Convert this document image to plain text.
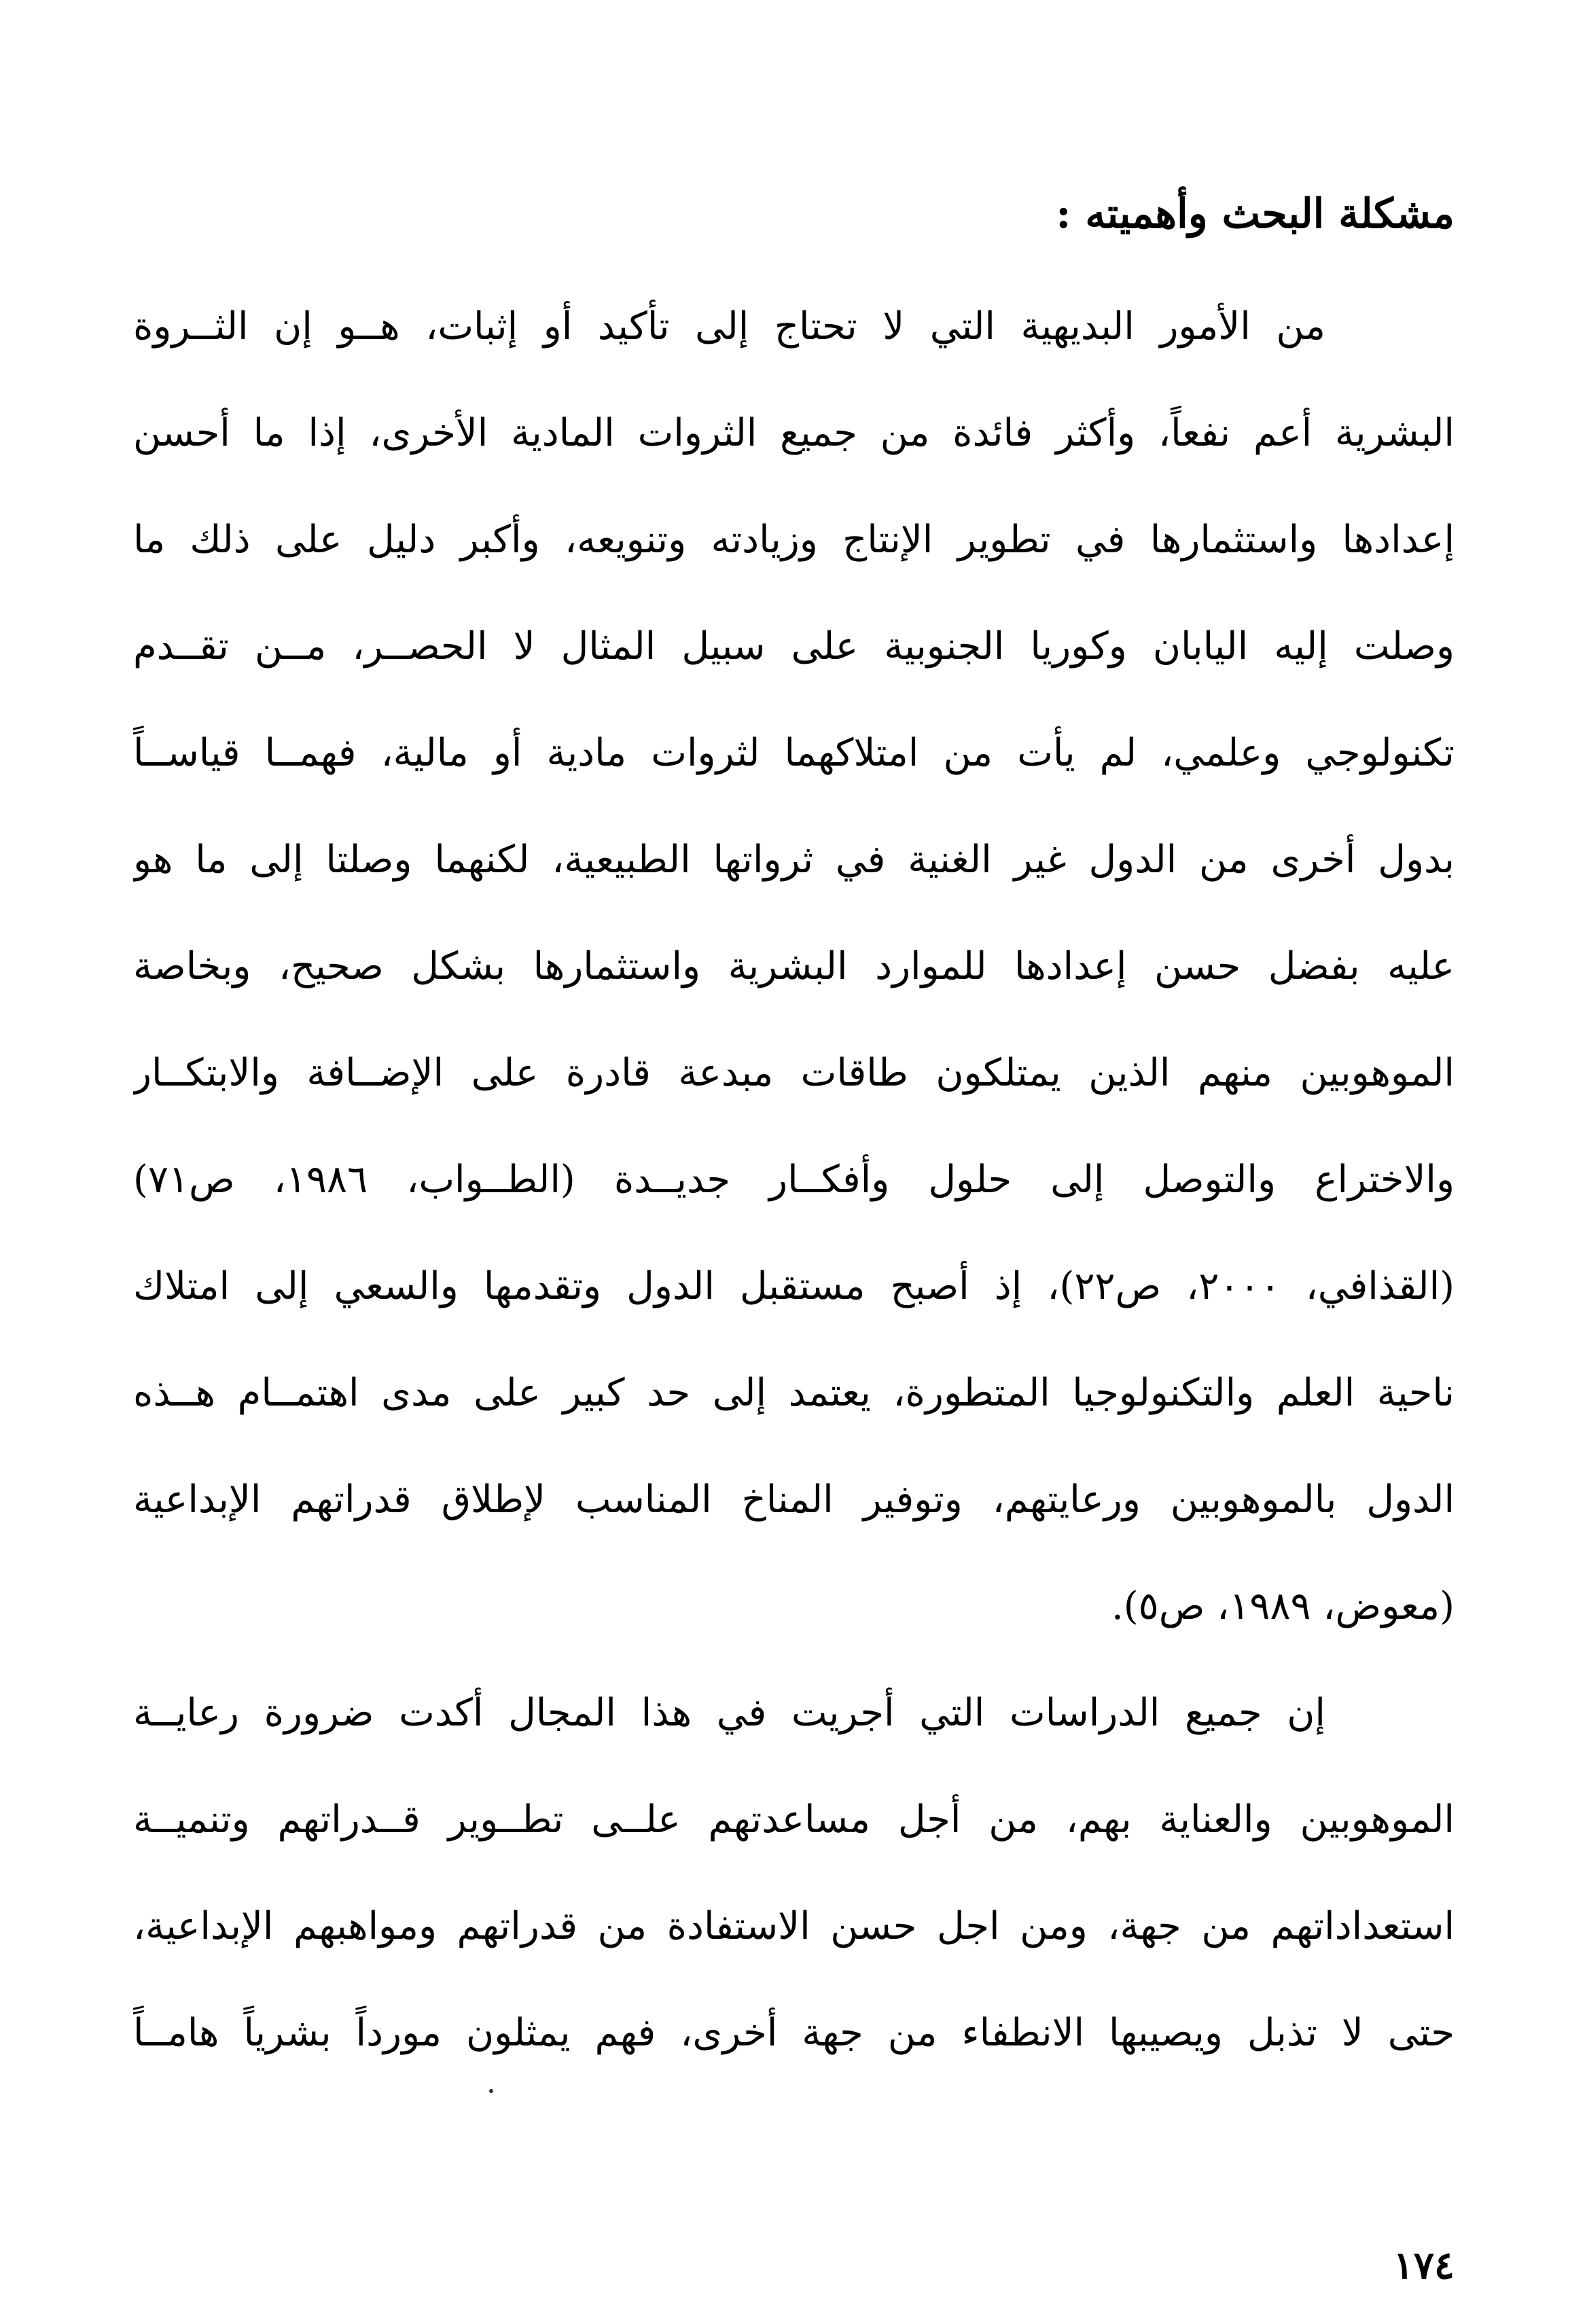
مشكلة البحث وأهميته :
من الأمور البديهية التي لا تحتاج إلى تأكيد أو إثبات، هــو إن الثــروة
البشرية أعم نفعاً، وأكثر فائدة من جميع الثروات المادية الأخرى، إذا ما أحسن
إعدادها واستثمارها في تطوير الإنتاج وزيادته وتنويعه، وأكبر دليل على ذلك ما
وصلت إليه اليابان وكوريا الجنوبية على سبيل المثال لا الحصــر، مــن تقــدم
تكنولوجي وعلمي، لم يأت من امتلاكهما لثروات مادية أو مالية، فهمــا قياســاً
بدول أخرى من الدول غير الغنية في ثرواتها الطبيعية، لكنهما وصلتا إلى ما هو
عليه بفضل حسن إعدادها للموارد البشرية واستثمارها بشكل صحيح، وبخاصة
الموهوبين منهم الذين يمتلكون طاقات مبدعة قادرة على الإضــافة والابتكــار
والاختراع والتوصل إلى حلول وأفكــار جديــدة (الطــواب، ١٩٨٦، ص٧١)
(القذافي، ٢٠٠٠، ص٢٢)، إذ أصبح مستقبل الدول وتقدمها والسعي إلى امتلاك
ناحية العلم والتكنولوجيا المتطورة، يعتمد إلى حد كبير على مدى اهتمــام هــذه
الدول بالموهوبين ورعايتهم، وتوفير المناخ المناسب لإطلاق قدراتهم الإبداعية
(معوض، ١٩٨٩، ص٥).
إن جميع الدراسات التي أجريت في هذا المجال أكدت ضرورة رعايــة
الموهوبين والعناية بهم، من أجل مساعدتهم علــى تطــوير قــدراتهم وتنميــة
استعداداتهم من جهة، ومن اجل حسن الاستفادة من قدراتهم ومواهبهم الإبداعية،
حتى لا تذبل ويصيبها الانطفاء من جهة أخرى، فهم يمثلون مورداً بشرياً هامــاً
١٧٤
